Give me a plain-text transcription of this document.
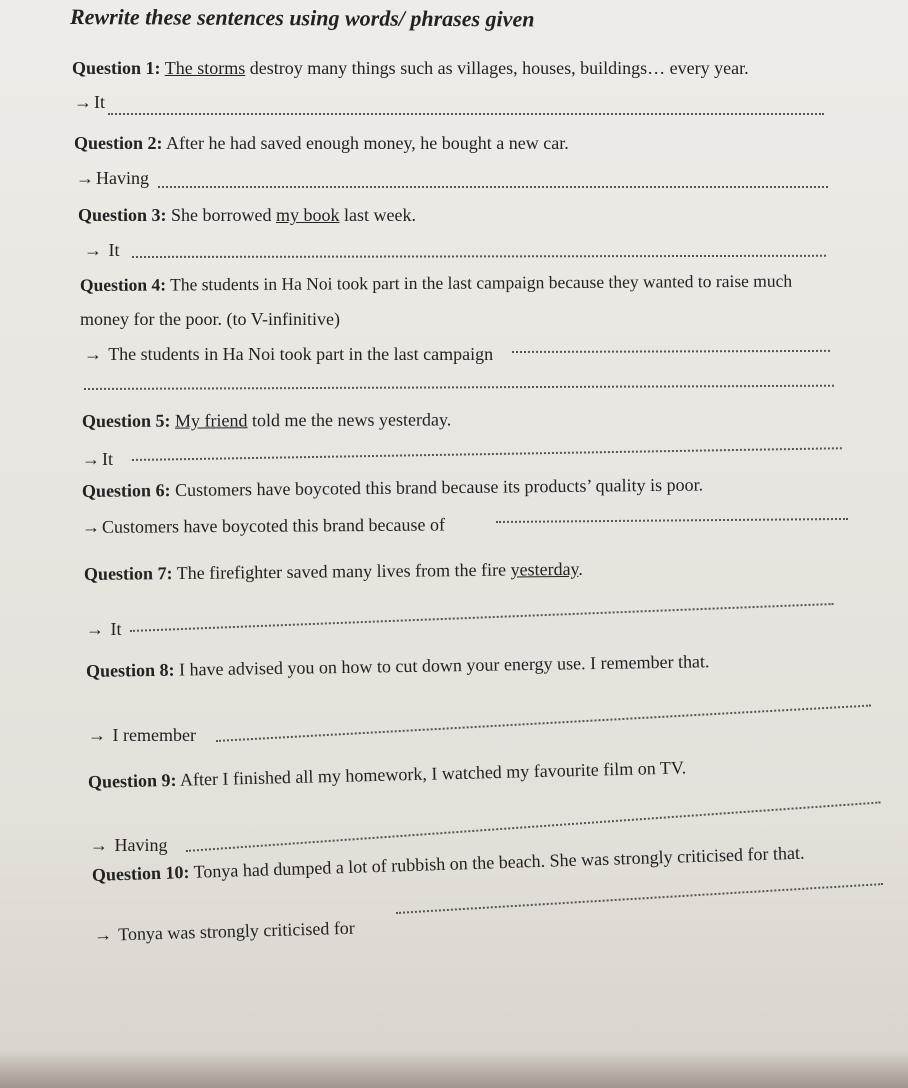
Rewrite these sentences using words/ phrases given
Question 1: The storms destroy many things such as villages, houses, buildings… every year.
→ It
Question 2: After he had saved enough money, he bought a new car.
→ Having
Question 3: She borrowed my book last week.
→ It
Question 4: The students in Ha Noi took part in the last campaign because they wanted to raise much
money for the poor. (to V-infinitive)
→ The students in Ha Noi took part in the last campaign
Question 5: My friend told me the news yesterday.
→ It
Question 6: Customers have boycoted this brand because its products’ quality is poor.
→ Customers have boycoted this brand because of
Question 7: The firefighter saved many lives from the fire yesterday.
→ It
Question 8: I have advised you on how to cut down your energy use. I remember that.
→ I remember
Question 9: After I finished all my homework, I watched my favourite film on TV.
→ Having
Question 10: Tonya had dumped a lot of rubbish on the beach. She was strongly criticised for that.
→ Tonya was strongly criticised for
